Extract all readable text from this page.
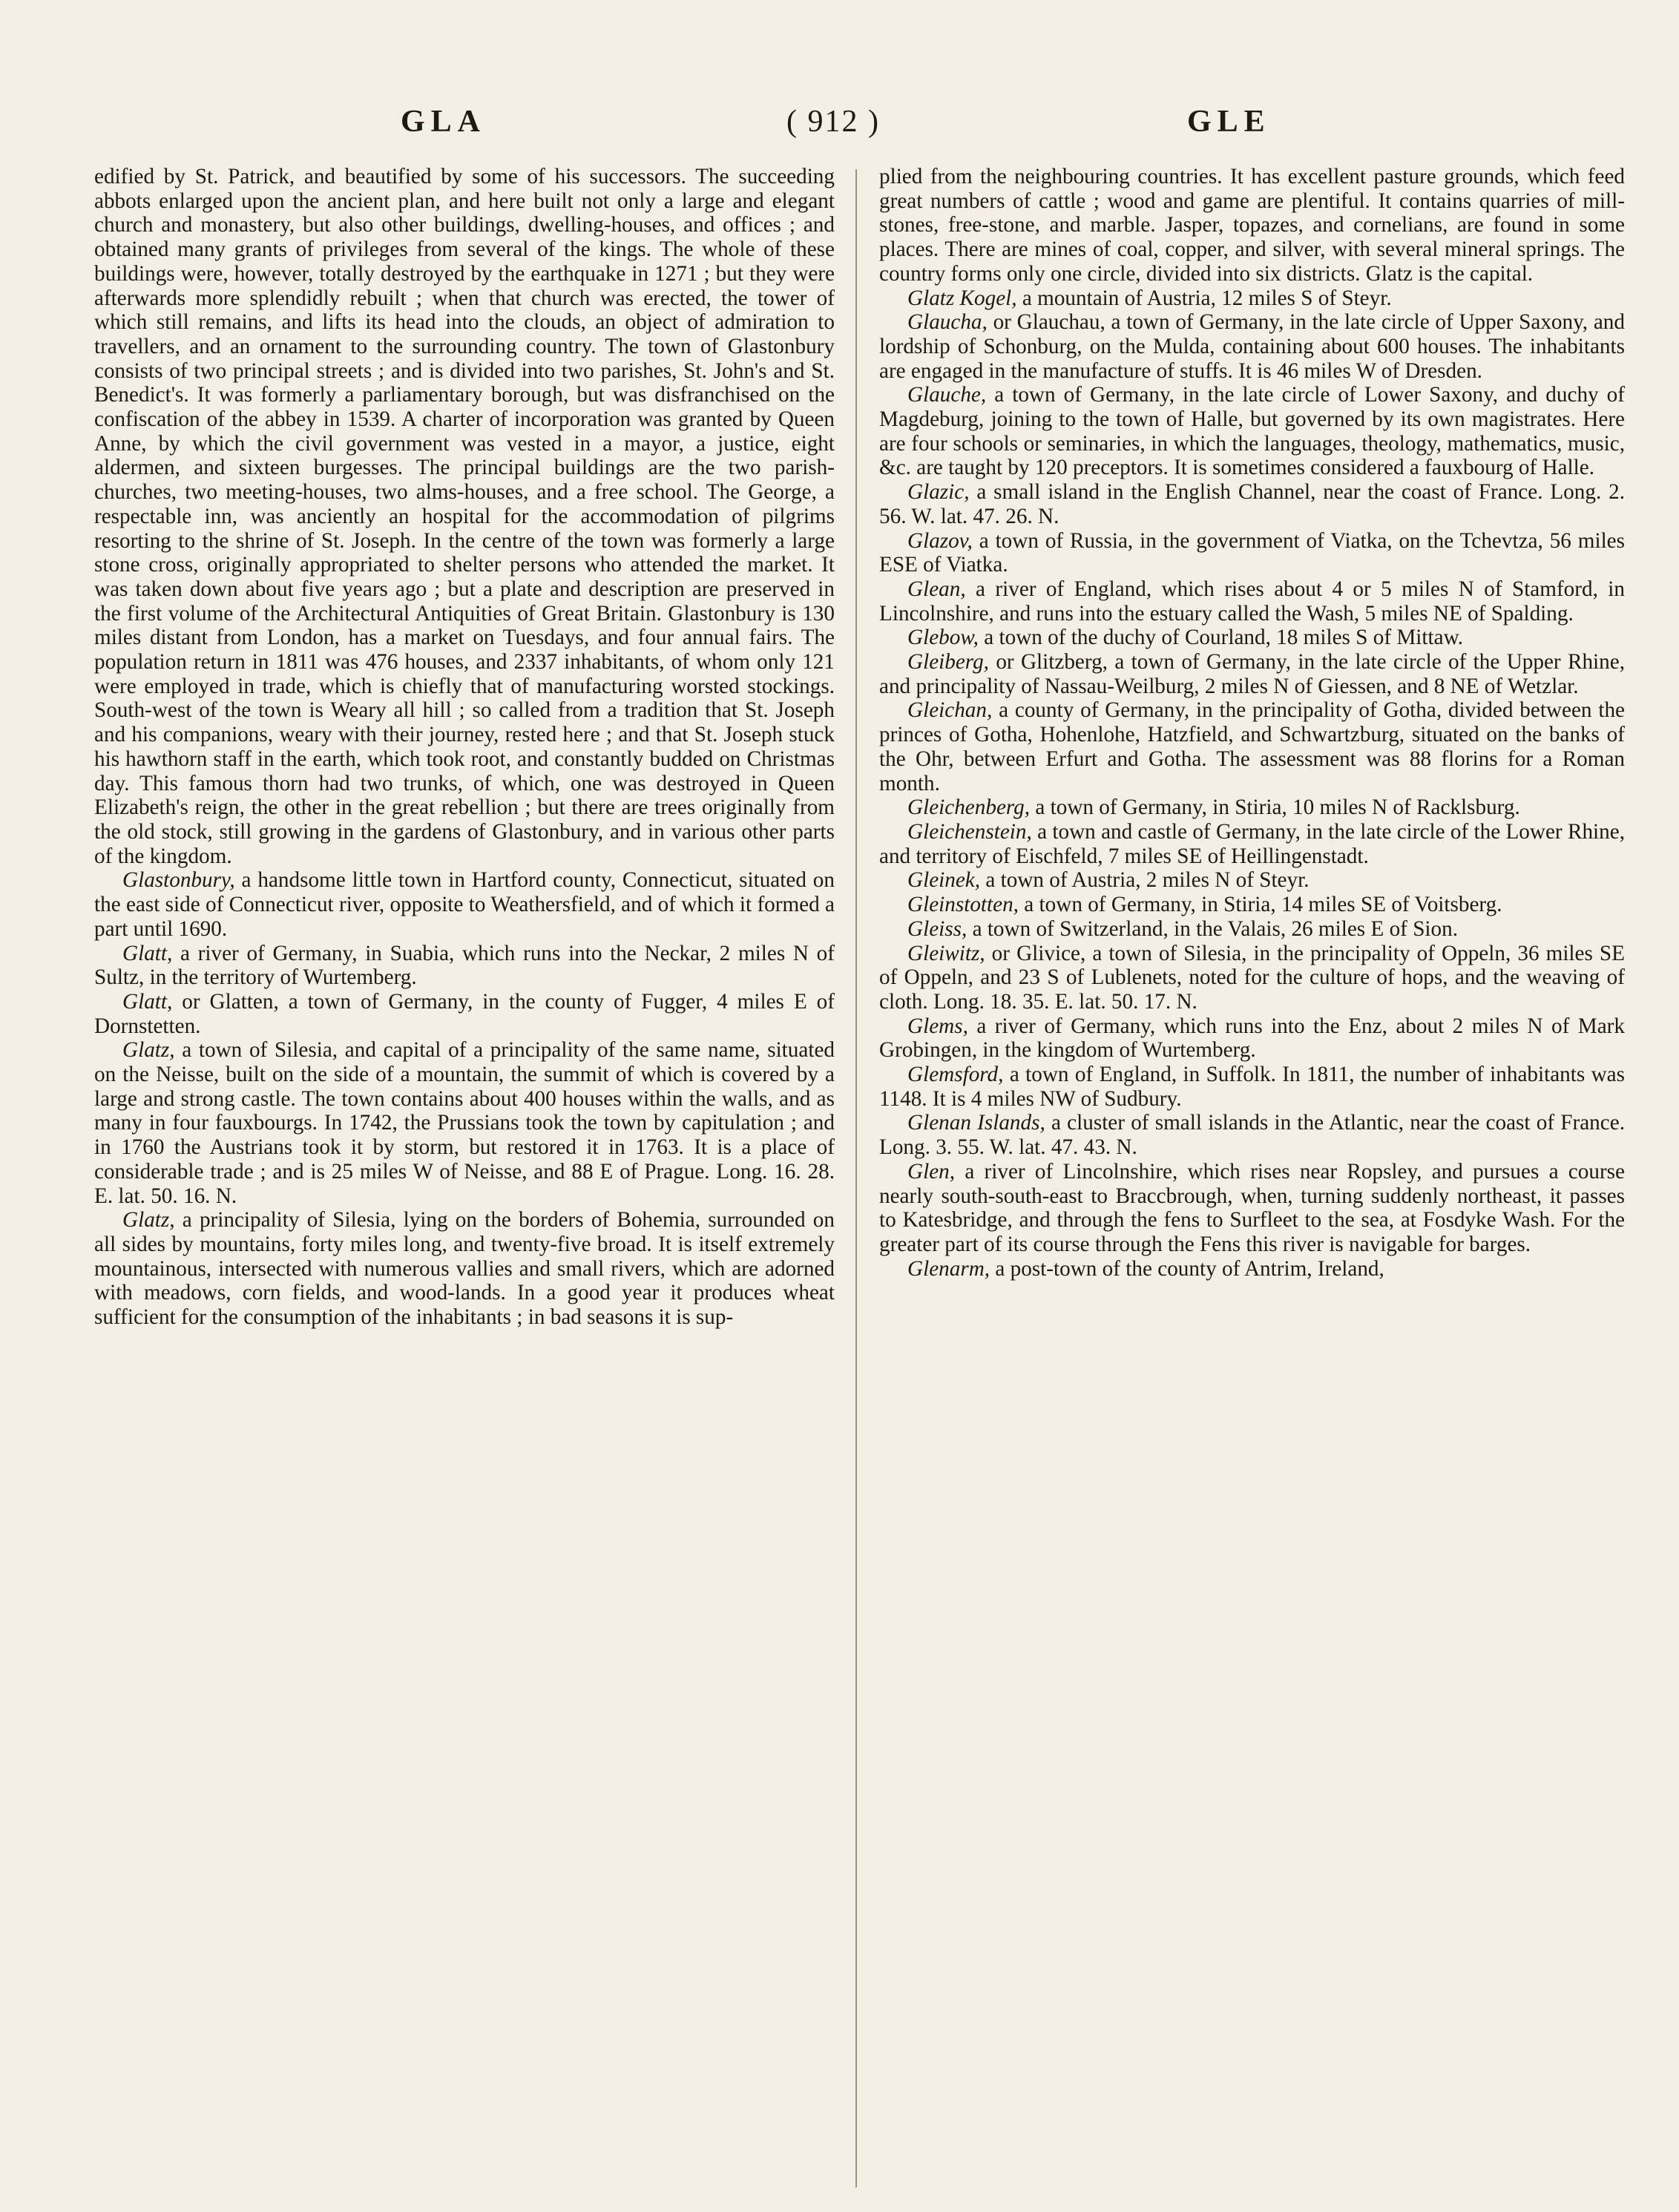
GLA	( 912 )	GLE

edified by St. Patrick, and beautified by some of his successors. The succeeding abbots enlarged upon the ancient plan, and here built not only a large and elegant church and monastery, but also other buildings, dwelling-houses, and offices ; and obtained many grants of privileges from several of the kings. The whole of these buildings were, however, totally destroyed by the earthquake in 1271 ; but they were afterwards more splendidly rebuilt ; when that church was erected, the tower of which still remains, and lifts its head into the clouds, an object of admiration to travellers, and an ornament to the surrounding country. The town of Glastonbury consists of two principal streets ; and is divided into two parishes, St. John's and St. Benedict's. It was formerly a parliamentary borough, but was disfranchised on the confiscation of the abbey in 1539. A charter of incorporation was granted by Queen Anne, by which the civil government was vested in a mayor, a justice, eight aldermen, and sixteen burgesses. The principal buildings are the two parish-churches, two meeting-houses, two alms-houses, and a free school. The George, a respectable inn, was anciently an hospital for the accommodation of pilgrims resorting to the shrine of St. Joseph. In the centre of the town was formerly a large stone cross, originally appropriated to shelter persons who attended the market. It was taken down about five years ago ; but a plate and description are preserved in the first volume of the Architectural Antiquities of Great Britain. Glastonbury is 130 miles distant from London, has a market on Tuesdays, and four annual fairs. The population return in 1811 was 476 houses, and 2337 inhabitants, of whom only 121 were employed in trade, which is chiefly that of manufacturing worsted stockings. South-west of the town is Weary all hill ; so called from a tradition that St. Joseph and his companions, weary with their journey, rested here ; and that St. Joseph stuck his hawthorn staff in the earth, which took root, and constantly budded on Christmas day. This famous thorn had two trunks, of which, one was destroyed in Queen Elizabeth's reign, the other in the great rebellion ; but there are trees originally from the old stock, still growing in the gardens of Glastonbury, and in various other parts of the kingdom.

Glastonbury, a handsome little town in Hartford county, Connecticut, situated on the east side of Connecticut river, opposite to Weathersfield, and of which it formed a part until 1690.

Glatt, a river of Germany, in Suabia, which runs into the Neckar, 2 miles N of Sultz, in the territory of Wurtemberg.

Glatt, or Glatten, a town of Germany, in the county of Fugger, 4 miles E of Dornstetten.

Glatz, a town of Silesia, and capital of a principality of the same name, situated on the Neisse, built on the side of a mountain, the summit of which is covered by a large and strong castle. The town contains about 400 houses within the walls, and as many in four fauxbourgs. In 1742, the Prussians took the town by capitulation ; and in 1760 the Austrians took it by storm, but restored it in 1763. It is a place of considerable trade ; and is 25 miles W of Neisse, and 88 E of Prague. Long. 16. 28. E. lat. 50. 16. N.

Glatz, a principality of Silesia, lying on the borders of Bohemia, surrounded on all sides by mountains, forty miles long, and twenty-five broad. It is itself extremely mountainous, intersected with numerous vallies and small rivers, which are adorned with meadows, corn fields, and wood-lands. In a good year it produces wheat sufficient for the consumption of the inhabitants ; in bad seasons it is sup-

plied from the neighbouring countries. It has excellent pasture grounds, which feed great numbers of cattle ; wood and game are plentiful. It contains quarries of mill-stones, free-stone, and marble. Jasper, topazes, and cornelians, are found in some places. There are mines of coal, copper, and silver, with several mineral springs. The country forms only one circle, divided into six districts. Glatz is the capital.

Glatz Kogel, a mountain of Austria, 12 miles S of Steyr.

Glaucha, or Glauchau, a town of Germany, in the late circle of Upper Saxony, and lordship of Schonburg, on the Mulda, containing about 600 houses. The inhabitants are engaged in the manufacture of stuffs. It is 46 miles W of Dresden.

Glauche, a town of Germany, in the late circle of Lower Saxony, and duchy of Magdeburg, joining to the town of Halle, but governed by its own magistrates. Here are four schools or seminaries, in which the languages, theology, mathematics, music, &c. are taught by 120 preceptors. It is sometimes considered a fauxbourg of Halle.

Glazic, a small island in the English Channel, near the coast of France. Long. 2. 56. W. lat. 47. 26. N.

Glazov, a town of Russia, in the government of Viatka, on the Tchevtza, 56 miles ESE of Viatka.

Glean, a river of England, which rises about 4 or 5 miles N of Stamford, in Lincolnshire, and runs into the estuary called the Wash, 5 miles NE of Spalding.

Glebow, a town of the duchy of Courland, 18 miles S of Mittaw.

Gleiberg, or Glitzberg, a town of Germany, in the late circle of the Upper Rhine, and principality of Nassau-Weilburg, 2 miles N of Giessen, and 8 NE of Wetzlar.

Gleichan, a county of Germany, in the principality of Gotha, divided between the princes of Gotha, Hohenlohe, Hatzfield, and Schwartzburg, situated on the banks of the Ohr, between Erfurt and Gotha. The assessment was 88 florins for a Roman month.

Gleichenberg, a town of Germany, in Stiria, 10 miles N of Racklsburg.

Gleichenstein, a town and castle of Germany, in the late circle of the Lower Rhine, and territory of Eischfeld, 7 miles SE of Heillingenstadt.

Gleinek, a town of Austria, 2 miles N of Steyr.

Gleinstotten, a town of Germany, in Stiria, 14 miles SE of Voitsberg.

Gleiss, a town of Switzerland, in the Valais, 26 miles E of Sion.

Gleiwitz, or Glivice, a town of Silesia, in the principality of Oppeln, 36 miles SE of Oppeln, and 23 S of Lublenets, noted for the culture of hops, and the weaving of cloth. Long. 18. 35. E. lat. 50. 17. N.

Glems, a river of Germany, which runs into the Enz, about 2 miles N of Mark Grobingen, in the kingdom of Wurtemberg.

Glemsford, a town of England, in Suffolk. In 1811, the number of inhabitants was 1148. It is 4 miles NW of Sudbury.

Glenan Islands, a cluster of small islands in the Atlantic, near the coast of France. Long. 3. 55. W. lat. 47. 43. N.

Glen, a river of Lincolnshire, which rises near Ropsley, and pursues a course nearly south-south-east to Braccbrough, when, turning suddenly northeast, it passes to Katesbridge, and through the fens to Surfleet to the sea, at Fosdyke Wash. For the greater part of its course through the Fens this river is navigable for barges.

Glenarm, a post-town of the county of Antrim, Ireland,
